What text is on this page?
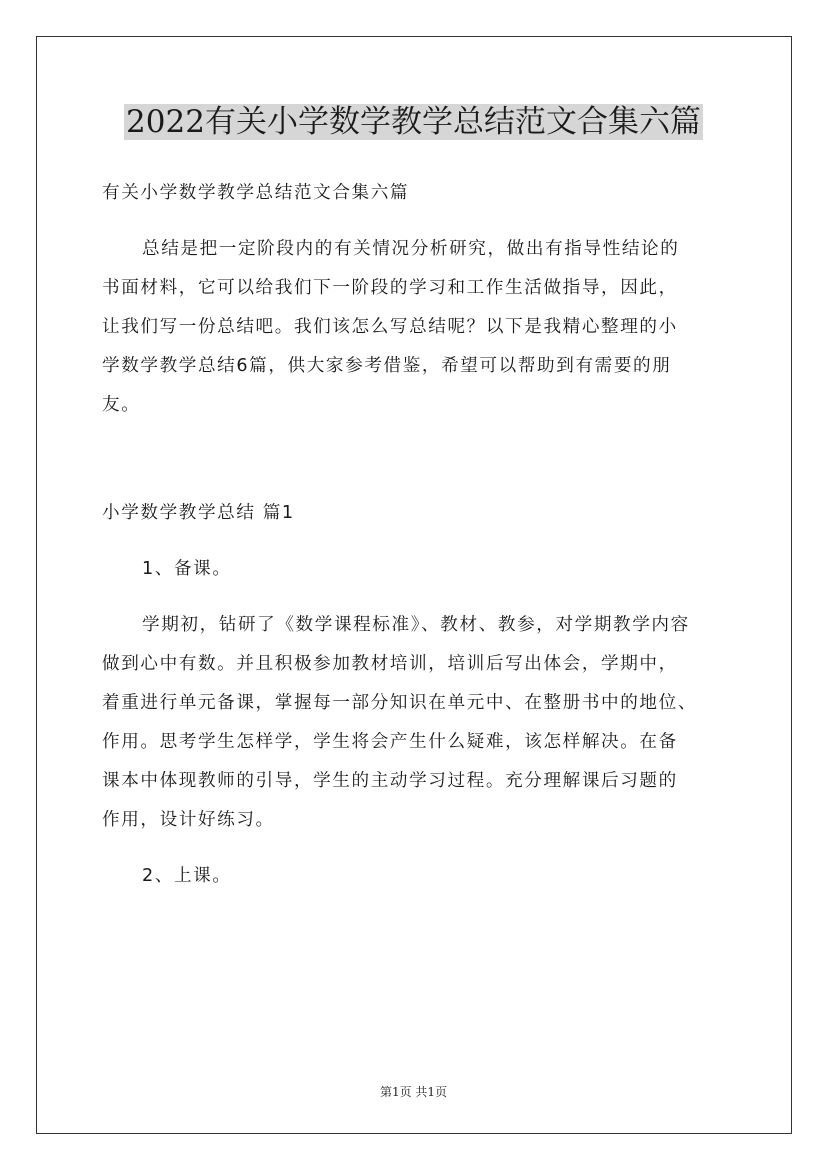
2022有关小学数学教学总结范文合集六篇
有关小学数学教学总结范文合集六篇
总结是把一定阶段内的有关情况分析研究，做出有指导性结论的
书面材料，它可以给我们下一阶段的学习和工作生活做指导，因此，
让我们写一份总结吧。我们该怎么写总结呢？以下是我精心整理的小
学数学教学总结6篇，供大家参考借鉴，希望可以帮助到有需要的朋
友。
小学数学教学总结 篇1
1、备课。
学期初，钻研了《数学课程标准》、教材、教参，对学期教学内容
做到心中有数。并且积极参加教材培训，培训后写出体会，学期中，
着重进行单元备课，掌握每一部分知识在单元中、在整册书中的地位、
作用。思考学生怎样学，学生将会产生什么疑难，该怎样解决。在备
课本中体现教师的引导，学生的主动学习过程。充分理解课后习题的
作用，设计好练习。
2、上课。
第1页 共1页
